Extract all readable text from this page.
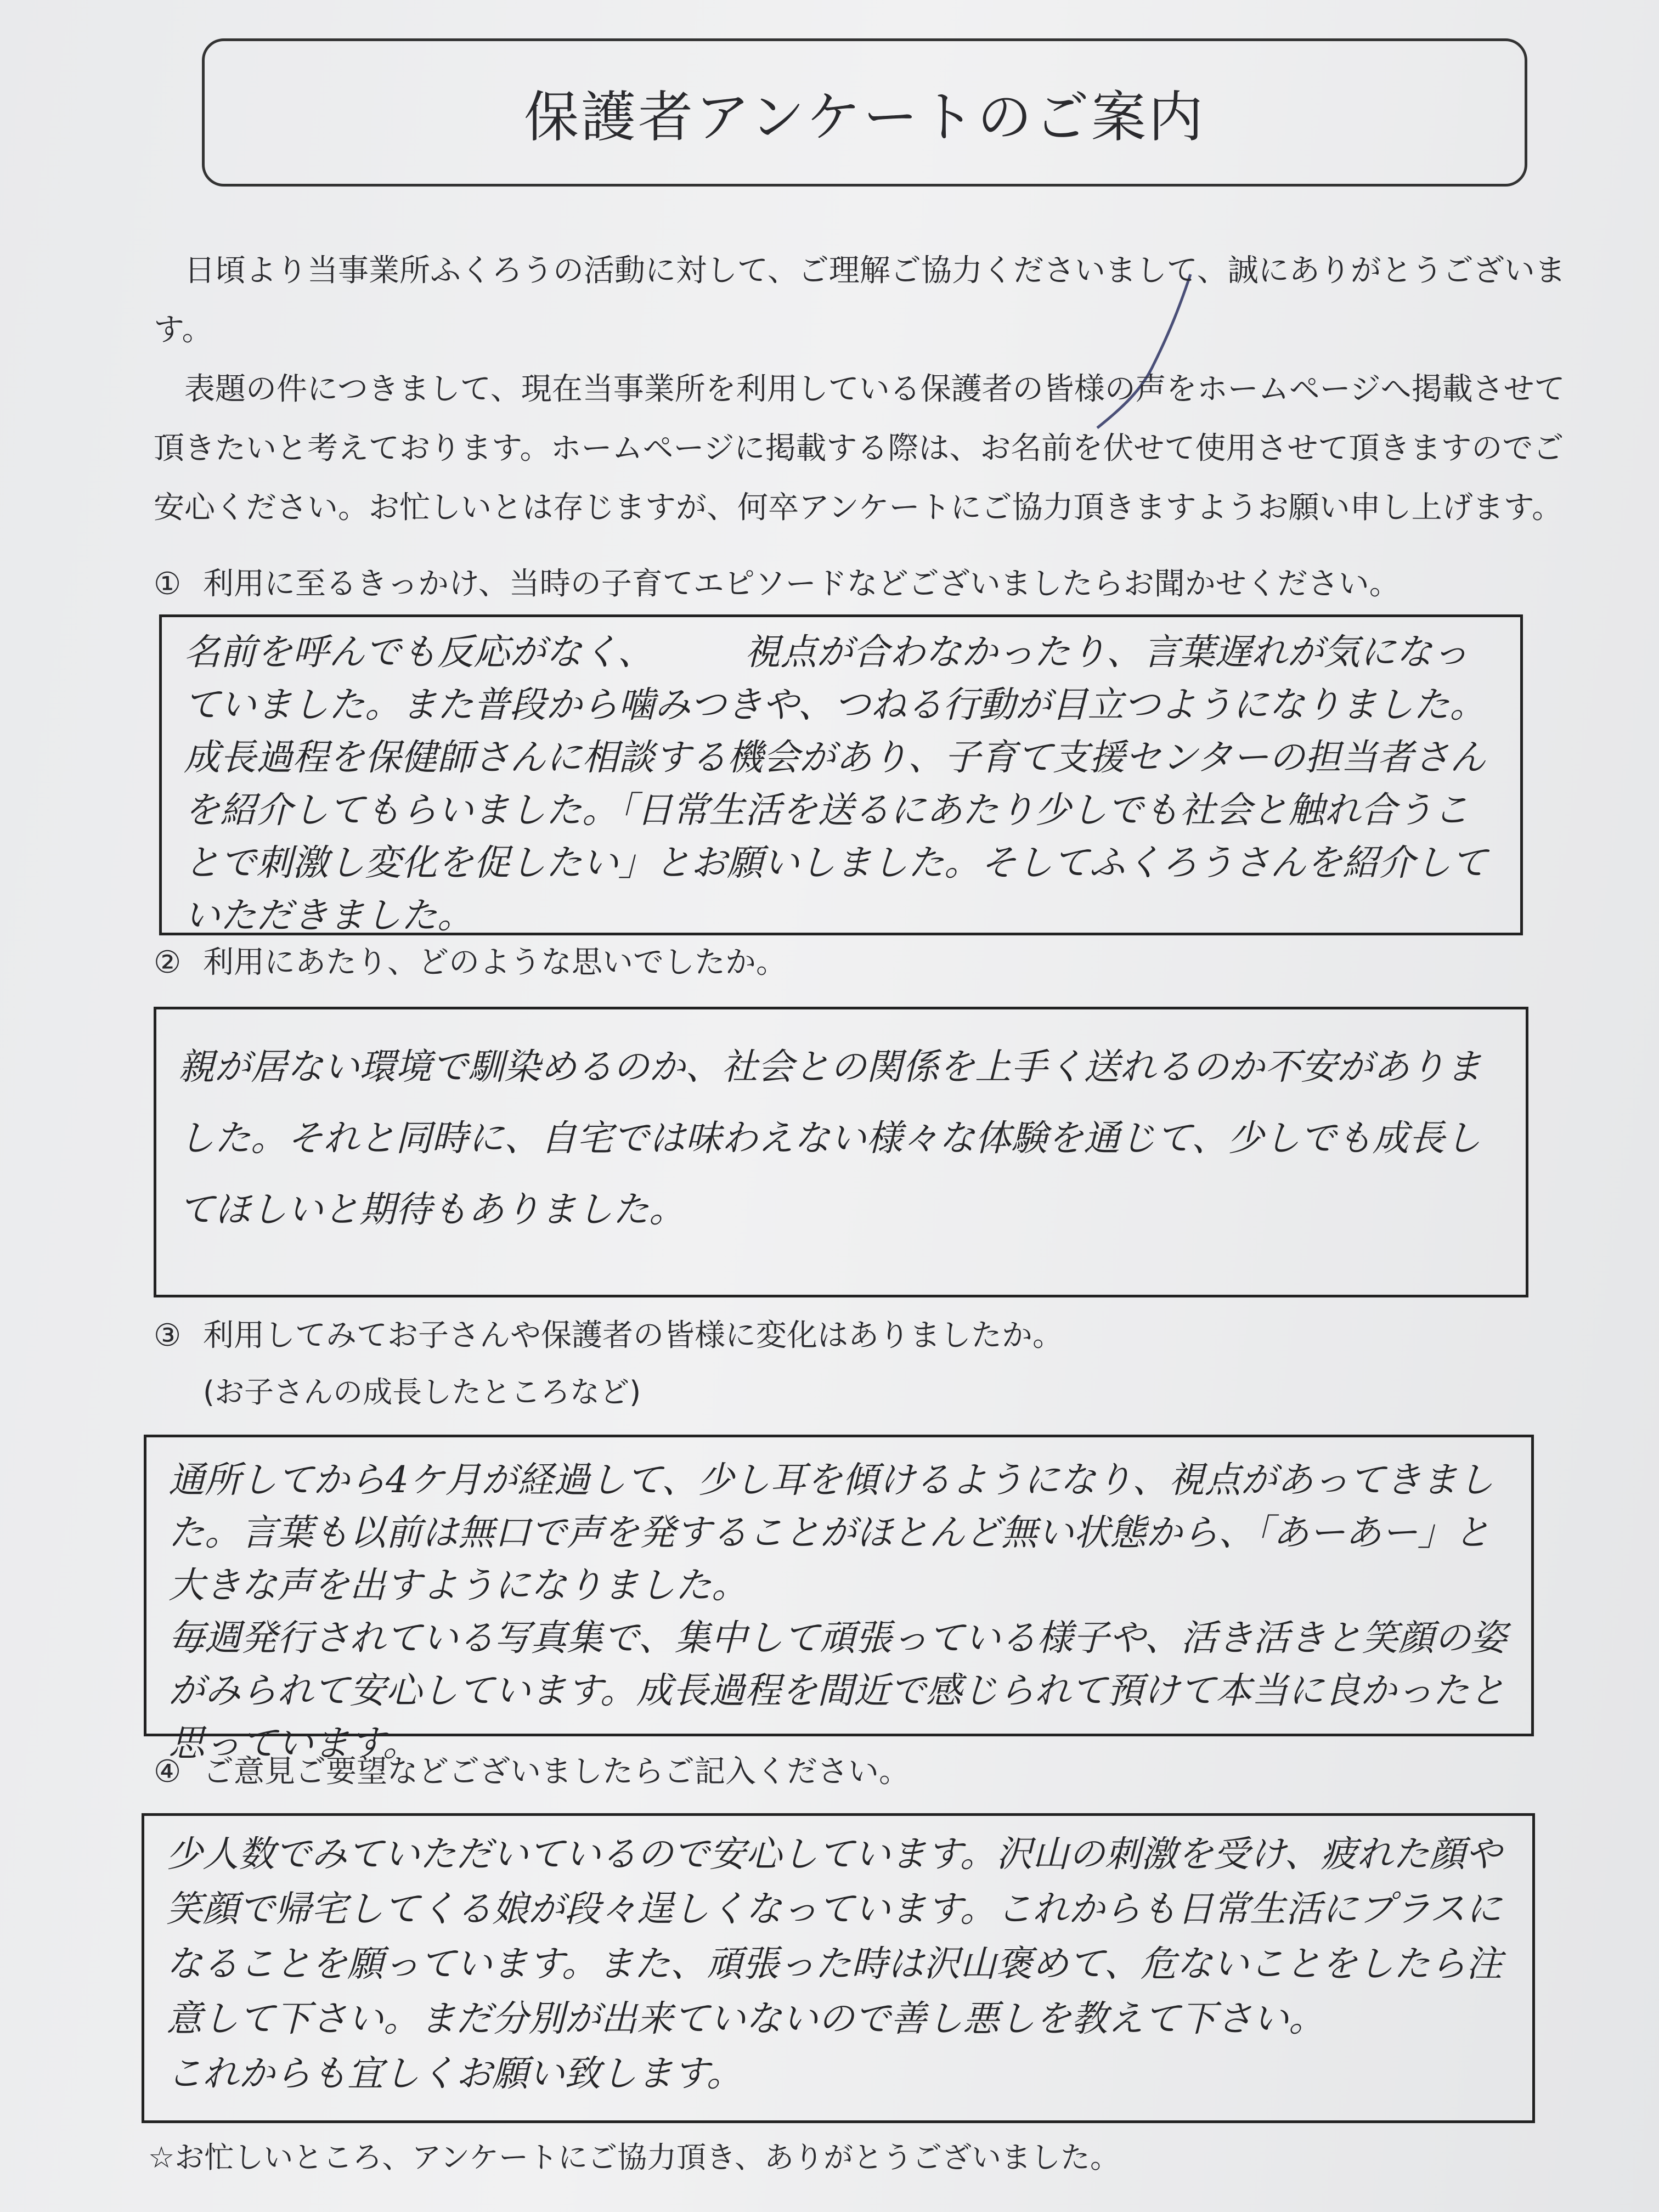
保護者アンケートのご案内

日頃より当事業所ふくろうの活動に対して、ご理解ご協力くださいまして、誠にありがとうございます。

表題の件につきまして、現在当事業所を利用している保護者の皆様の声をホームページへ掲載させて頂きたいと考えております。ホームページに掲載する際は、お名前を伏せて使用させて頂きますのでご安心ください。お忙しいとは存じますが、何卒アンケートにご協力頂きますようお願い申し上げます。

① 利用に至るきっかけ、当時の子育てエピソードなどございましたらお聞かせください。

名前を呼んでも反応がなく、　　　視点が合わなかったり、言葉遅れが気になっていました。また普段から噛みつきや、つねる行動が目立つようになりました。
成長過程を保健師さんに相談する機会があり、子育て支援センターの担当者さんを紹介してもらいました。「日常生活を送るにあたり少しでも社会と触れ合うことで刺激し変化を促したい」とお願いしました。そしてふくろうさんを紹介していただきました。

② 利用にあたり、どのような思いでしたか。

親が居ない環境で馴染めるのか、社会との関係を上手く送れるのか不安がありました。それと同時に、自宅では味わえない様々な体験を通じて、少しでも成長してほしいと期待もありました。

③ 利用してみてお子さんや保護者の皆様に変化はありましたか。
(お子さんの成長したところなど)

通所してから4ケ月が経過して、少し耳を傾けるようになり、視点があってきました。言葉も以前は無口で声を発することがほとんど無い状態から、「あーあー」と大きな声を出すようになりました。
毎週発行されている写真集で、集中して頑張っている様子や、活き活きと笑顔の姿がみられて安心しています。成長過程を間近で感じられて預けて本当に良かったと思っています。

④ ご意見ご要望などございましたらご記入ください。

少人数でみていただいているので安心しています。沢山の刺激を受け、疲れた顔や笑顔で帰宅してくる娘が段々逞しくなっています。これからも日常生活にプラスになることを願っています。また、頑張った時は沢山褒めて、危ないことをしたら注意して下さい。まだ分別が出来ていないので善し悪しを教えて下さい。
これからも宜しくお願い致します。

☆お忙しいところ、アンケートにご協力頂き、ありがとうございました。
